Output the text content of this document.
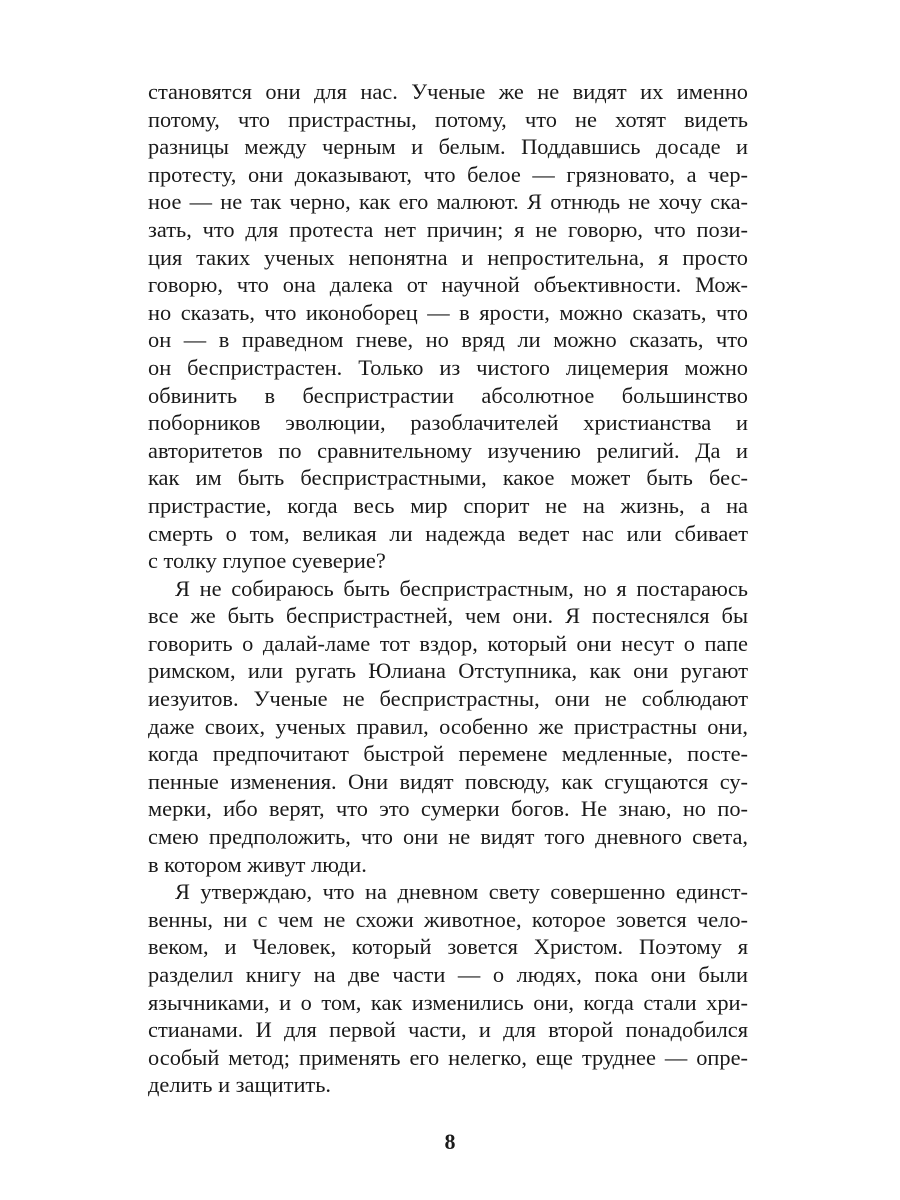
становятся они для нас. Ученые же не видят их именно
потому, что пристрастны, потому, что не хотят видеть
разницы между черным и белым. Поддавшись досаде и
протесту, они доказывают, что белое — грязновато, а чер-
ное — не так черно, как его малюют. Я отнюдь не хочу ска-
зать, что для протеста нет причин; я не говорю, что пози-
ция таких ученых непонятна и непростительна, я просто
говорю, что она далека от научной объективности. Мож-
но сказать, что иконоборец — в ярости, можно сказать, что
он — в праведном гневе, но вряд ли можно сказать, что
он беспристрастен. Только из чистого лицемерия можно
обвинить в беспристрастии абсолютное большинство
поборников эволюции, разоблачителей христианства и
авторитетов по сравнительному изучению религий. Да и
как им быть беспристрастными, какое может быть бес-
пристрастие, когда весь мир спорит не на жизнь, а на
смерть о том, великая ли надежда ведет нас или сбивает
с толку глупое суеверие?
Я не собираюсь быть беспристрастным, но я постараюсь
все же быть беспристрастней, чем они. Я постеснялся бы
говорить о далай-ламе тот вздор, который они несут о папе
римском, или ругать Юлиана Отступника, как они ругают
иезуитов. Ученые не беспристрастны, они не соблюдают
даже своих, ученых правил, особенно же пристрастны они,
когда предпочитают быстрой перемене медленные, посте-
пенные изменения. Они видят повсюду, как сгущаются су-
мерки, ибо верят, что это сумерки богов. Не знаю, но по-
смею предположить, что они не видят того дневного света,
в котором живут люди.
Я утверждаю, что на дневном свету совершенно единст-
венны, ни с чем не схожи животное, которое зовется чело-
веком, и Человек, который зовется Христом. Поэтому я
разделил книгу на две части — о людях, пока они были
язычниками, и о том, как изменились они, когда стали хри-
стианами. И для первой части, и для второй понадобился
особый метод; применять его нелегко, еще труднее — опре-
делить и защитить.
8
